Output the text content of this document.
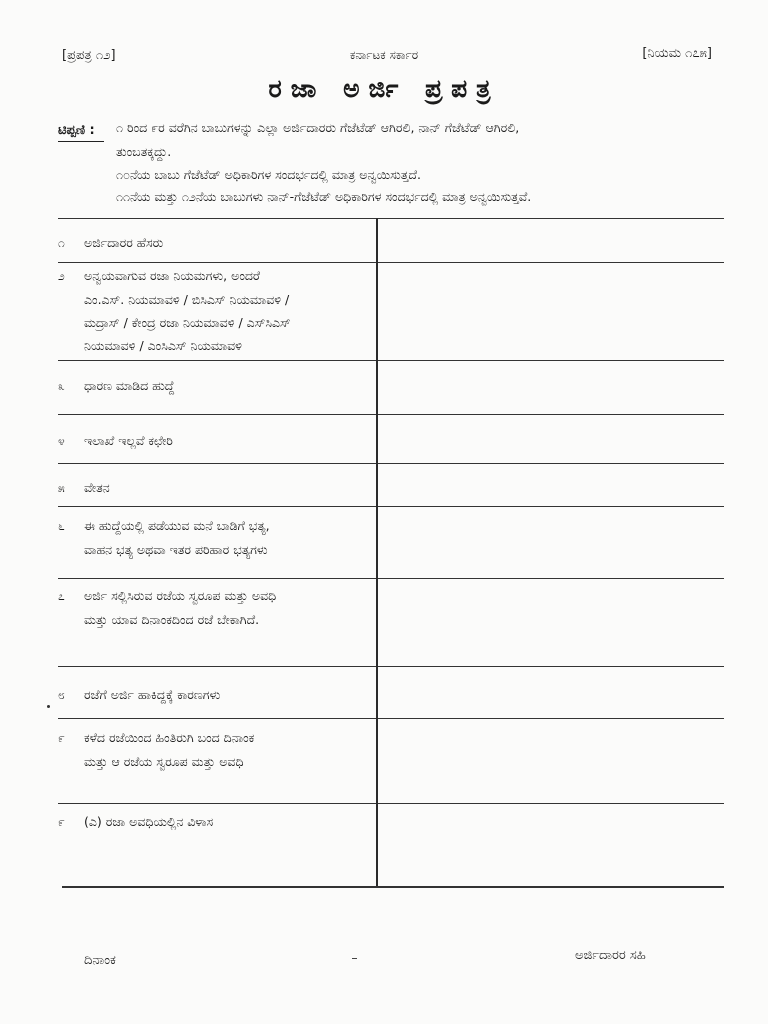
[ಪ್ರಪತ್ರ ೧೨]	ಕರ್ನಾಟಕ ಸರ್ಕಾರ	[ನಿಯಮ ೧೭೫]
ರಜಾ ಅರ್ಜಿ ಪ್ರಪತ್ರ
ಟಿಪ್ಪಣಿ : ೧ ರಿಂದ ೯ರ ವರೆಗಿನ ಬಾಬುಗಳನ್ನು ಎಲ್ಲಾ ಅರ್ಜಿದಾರರು ಗೆಜೆಟೆಡ್ ಆಗಿರಲಿ, ನಾನ್ ಗೆಜೆಟೆಡ್ ಆಗಿರಲಿ,
ತುಂಬತಕ್ಕದ್ದು.
೧೦ನೆಯ ಬಾಬು ಗೆಜೆಟೆಡ್ ಅಧಿಕಾರಿಗಳ ಸಂದರ್ಭದಲ್ಲಿ ಮಾತ್ರ ಅನ್ವಯಿಸುತ್ತದೆ.
೧೧ನೆಯ ಮತ್ತು ೧೨ನೆಯ ಬಾಬುಗಳು ನಾನ್-ಗೆಜೆಟೆಡ್ ಅಧಿಕಾರಿಗಳ ಸಂದರ್ಭದಲ್ಲಿ ಮಾತ್ರ ಅನ್ವಯಿಸುತ್ತವೆ.
೧ ಅರ್ಜಿದಾರರ ಹೆಸರು
೨ ಅನ್ವಯವಾಗುವ ರಜಾ ನಿಯಮಗಳು, ಅಂದರೆ
ಎಂ.ಎಸ್. ನಿಯಮಾವಳಿ / ಬಿಸಿಎಸ್ ನಿಯಮಾವಳಿ /
ಮದ್ರಾಸ್ / ಕೇಂದ್ರ ರಜಾ ನಿಯಮಾವಳಿ / ಎಸ್‌ಸಿಎಸ್
ನಿಯಮಾವಳಿ / ಎಂಸಿಎಸ್ ನಿಯಮಾವಳಿ
೩ ಧಾರಣ ಮಾಡಿದ ಹುದ್ದೆ
೪ ಇಲಾಖೆ ಇಲ್ಲವೆ ಕಛೇರಿ
೫ ವೇತನ
೬ ಈ ಹುದ್ದೆಯಲ್ಲಿ ಪಡೆಯುವ ಮನೆ ಬಾಡಿಗೆ ಭತ್ಯ,
ವಾಹನ ಭತ್ಯ ಅಥವಾ ಇತರ ಪರಿಹಾರ ಭತ್ಯಗಳು
೭ ಅರ್ಜಿ ಸಲ್ಲಿಸಿರುವ ರಜೆಯ ಸ್ವರೂಪ ಮತ್ತು ಅವಧಿ
ಮತ್ತು ಯಾವ ದಿನಾಂಕದಿಂದ ರಜೆ ಬೇಕಾಗಿದೆ.
೮ ರಜೆಗೆ ಅರ್ಜಿ ಹಾಕಿದ್ದಕ್ಕೆ ಕಾರಣಗಳು
೯ ಕಳೆದ ರಜೆಯಿಂದ ಹಿಂತಿರುಗಿ ಬಂದ ದಿನಾಂಕ
ಮತ್ತು ಆ ರಜೆಯ ಸ್ವರೂಪ ಮತ್ತು ಅವಧಿ
೯ (ಎ) ರಜಾ ಅವಧಿಯಲ್ಲಿನ ವಿಳಾಸ
ದಿನಾಂಕ	ಅರ್ಜಿದಾರರ ಸಹಿ
